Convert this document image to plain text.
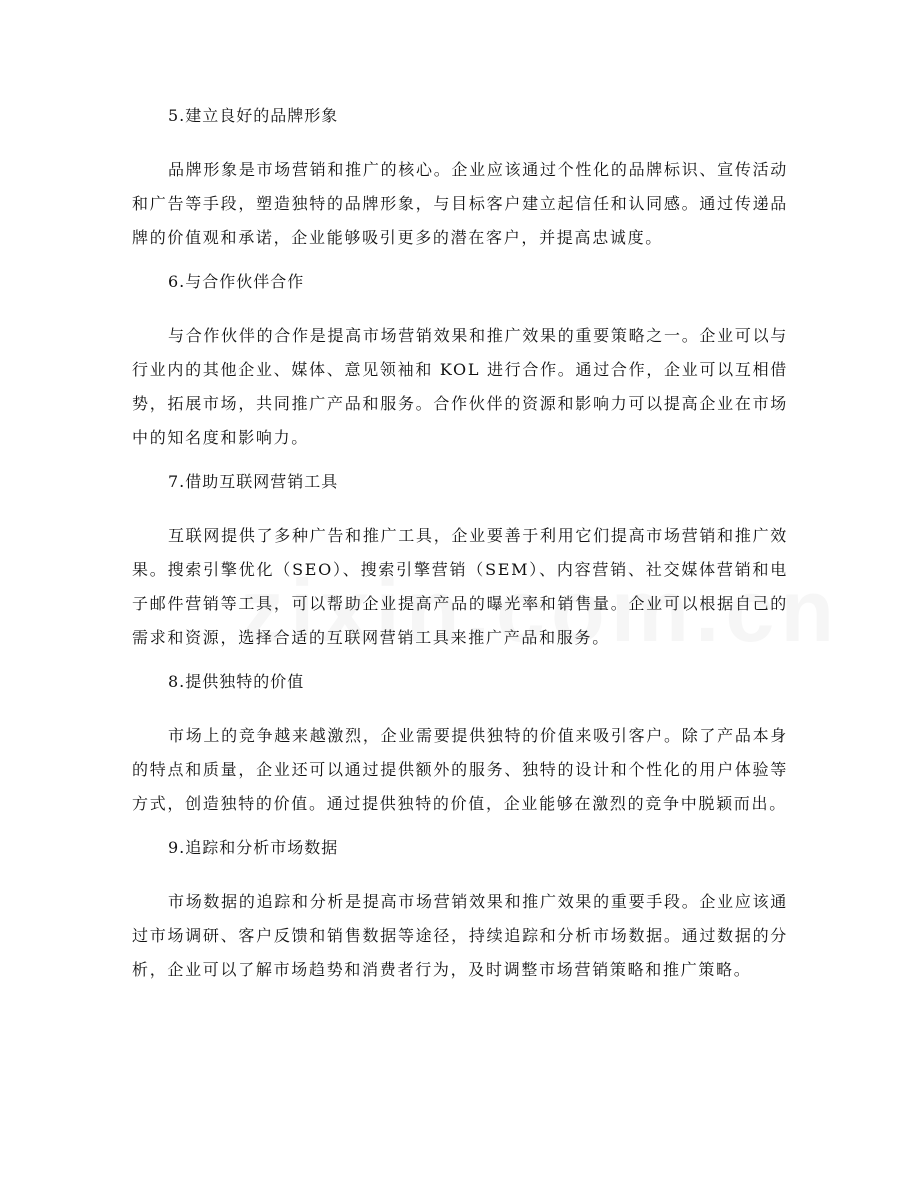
5.建立良好的品牌形象

品牌形象是市场营销和推广的核心。企业应该通过个性化的品牌标识、宣传活动和广告等手段，塑造独特的品牌形象，与目标客户建立起信任和认同感。通过传递品牌的价值观和承诺，企业能够吸引更多的潜在客户，并提高忠诚度。

6.与合作伙伴合作

与合作伙伴的合作是提高市场营销效果和推广效果的重要策略之一。企业可以与行业内的其他企业、媒体、意见领袖和 KOL 进行合作。通过合作，企业可以互相借势，拓展市场，共同推广产品和服务。合作伙伴的资源和影响力可以提高企业在市场中的知名度和影响力。

7.借助互联网营销工具

互联网提供了多种广告和推广工具，企业要善于利用它们提高市场营销和推广效果。搜索引擎优化（SEO）、搜索引擎营销（SEM）、内容营销、社交媒体营销和电子邮件营销等工具，可以帮助企业提高产品的曝光率和销售量。企业可以根据自己的需求和资源，选择合适的互联网营销工具来推广产品和服务。

8.提供独特的价值

市场上的竞争越来越激烈，企业需要提供独特的价值来吸引客户。除了产品本身的特点和质量，企业还可以通过提供额外的服务、独特的设计和个性化的用户体验等方式，创造独特的价值。通过提供独特的价值，企业能够在激烈的竞争中脱颖而出。

9.追踪和分析市场数据

市场数据的追踪和分析是提高市场营销效果和推广效果的重要手段。企业应该通过市场调研、客户反馈和销售数据等途径，持续追踪和分析市场数据。通过数据的分析，企业可以了解市场趋势和消费者行为，及时调整市场营销策略和推广策略。
